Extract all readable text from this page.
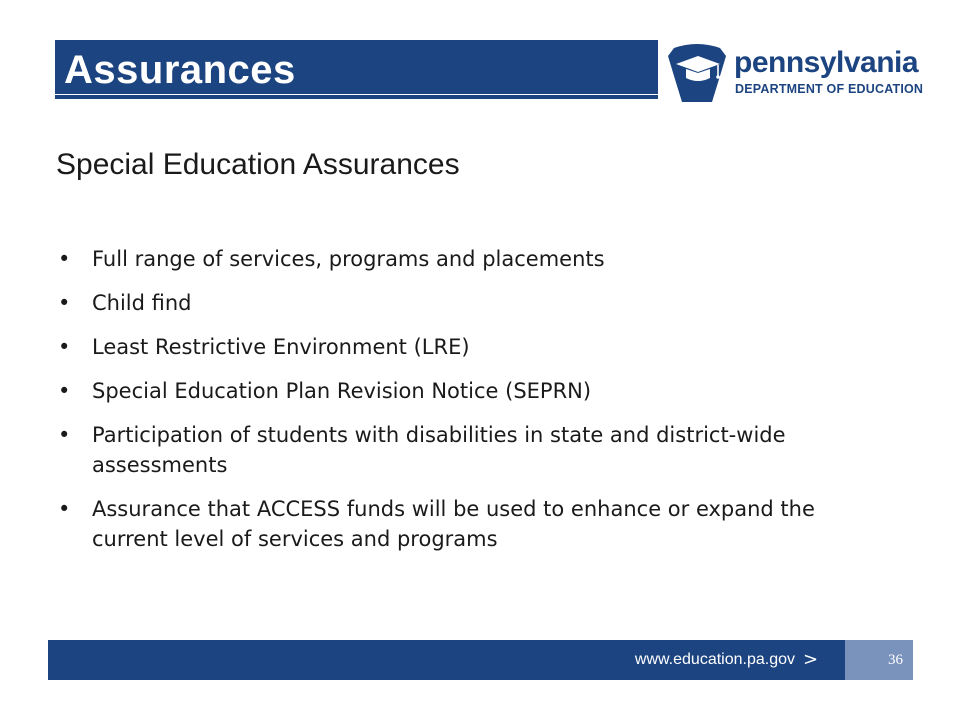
Assurances	pennsylvania
DEPARTMENT OF EDUCATION
Special Education Assurances
• Full range of services, programs and placements
• Child find
• Least Restrictive Environment (LRE)
• Special Education Plan Revision Notice (SEPRN)
• Participation of students with disabilities in state and district-wide assessments
• Assurance that ACCESS funds will be used to enhance or expand the current level of services and programs
www.education.pa.gov >	36
